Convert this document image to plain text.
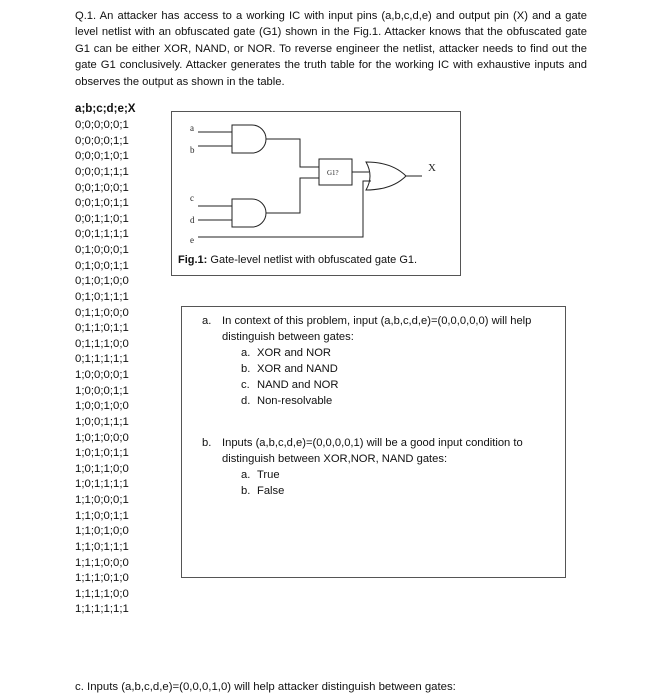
Q.1. An attacker has access to a working IC with input pins (a,b,c,d,e) and output pin (X) and a gate level netlist with an obfuscated gate (G1) shown in the Fig.1. Attacker knows that the obfuscated gate G1 can be either XOR, NAND, or NOR. To reverse engineer the netlist, attacker needs to find out the gate G1 conclusively. Attacker generates the truth table for the working IC with exhaustive inputs and observes the output as shown in the table.
a;b;c;d;e;X
0;0;0;0;0;1
0;0;0;0;1;1
0;0;0;1;0;1
0;0;0;1;1;1
0;0;1;0;0;1
0;0;1;0;1;1
0;0;1;1;0;1
0;0;1;1;1;1
0;1;0;0;0;1
0;1;0;0;1;1
0;1;0;1;0;0
0;1;0;1;1;1
0;1;1;0;0;0
0;1;1;0;1;1
0;1;1;1;0;0
0;1;1;1;1;1
1;0;0;0;0;1
1;0;0;0;1;1
1;0;0;1;0;0
1;0;0;1;1;1
1;0;1;0;0;0
1;0;1;0;1;1
1;0;1;1;0;0
1;0;1;1;1;1
1;1;0;0;0;1
1;1;0;0;1;1
1;1;0;1;0;0
1;1;0;1;1;1
1;1;1;0;0;0
1;1;1;0;1;0
1;1;1;1;0;0
1;1;1;1;1;1
a
b
c
d
e
G1?	X
Fig.1: Gate-level netlist with obfuscated gate G1.
a. In context of this problem, input (a,b,c,d,e)=(0,0,0,0,0) will help distinguish between gates:
a. XOR and NOR
b. XOR and NAND
c. NAND and NOR
d. Non-resolvable
b. Inputs (a,b,c,d,e)=(0,0,0,0,1) will be a good input condition to distinguish between XOR,NOR, NAND gates:
a. True
b. False
c. Inputs (a,b,c,d,e)=(0,0,0,1,0) will help attacker distinguish between gates:
